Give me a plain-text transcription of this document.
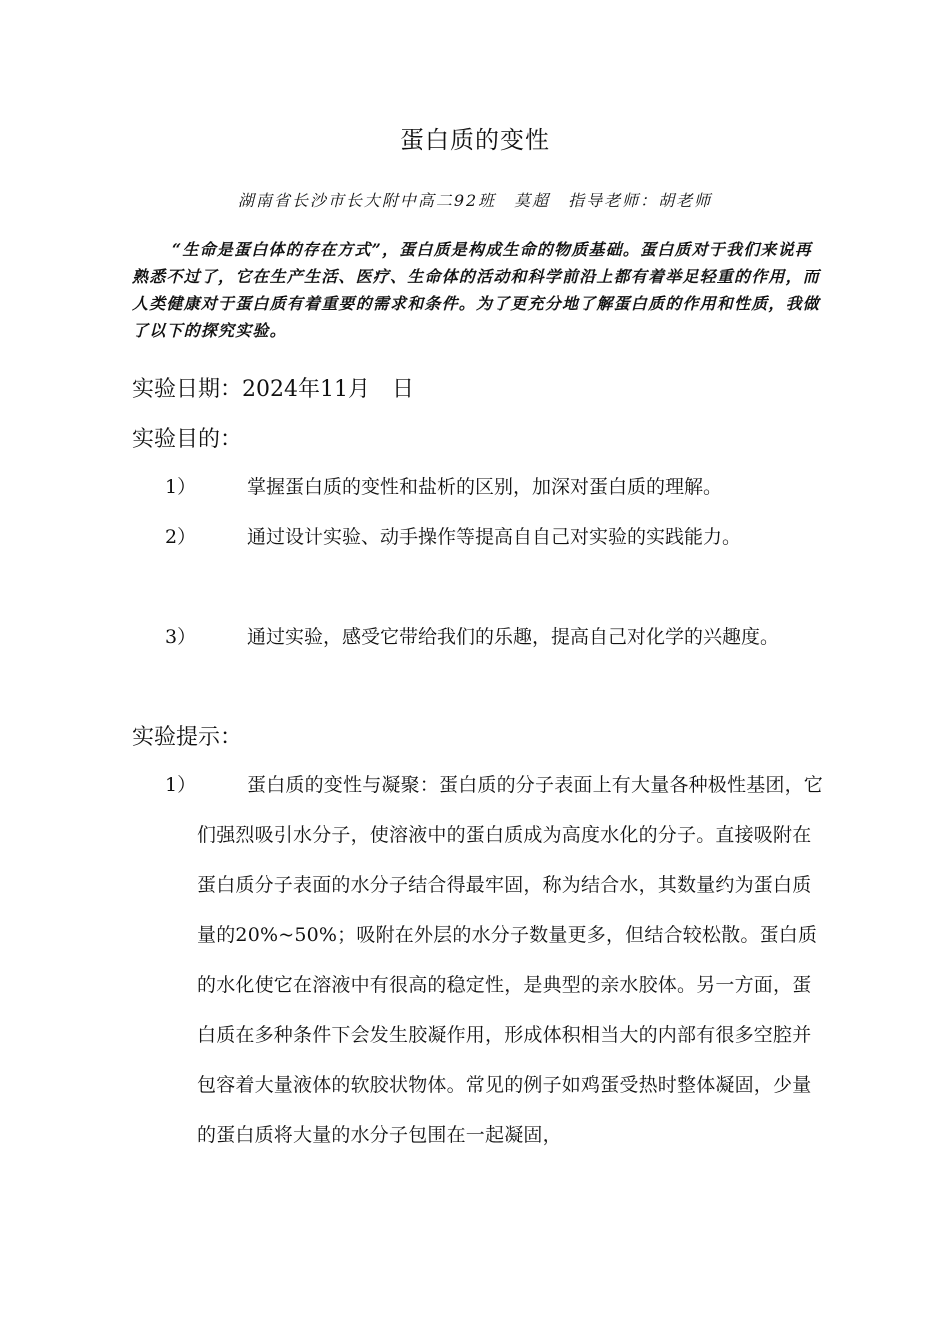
蛋白质的变性
湖南省长沙市长大附中高二92班　莫超　指导老师：胡老师
“生命是蛋白体的存在方式”，蛋白质是构成生命的物质基础。蛋白质对于我们来说再熟悉不过了，它在生产生活、医疗、生命体的活动和科学前沿上都有着举足轻重的作用，而人类健康对于蛋白质有着重要的需求和条件。为了更充分地了解蛋白质的作用和性质，我做了以下的探究实验。
实验日期：2024年11月　日
实验目的：
1）	掌握蛋白质的变性和盐析的区别，加深对蛋白质的理解。
2）	通过设计实验、动手操作等提高自自己对实验的实践能力。
3）	通过实验，感受它带给我们的乐趣，提高自己对化学的兴趣度。
实验提示：
1）	蛋白质的变性与凝聚：蛋白质的分子表面上有大量各种极性基团，它们强烈吸引水分子，使溶液中的蛋白质成为高度水化的分子。直接吸附在蛋白质分子表面的水分子结合得最牢固，称为结合水，其数量约为蛋白质量的20%~50%；吸附在外层的水分子数量更多，但结合较松散。蛋白质的水化使它在溶液中有很高的稳定性，是典型的亲水胶体。另一方面，蛋白质在多种条件下会发生胶凝作用，形成体积相当大的内部有很多空腔并包容着大量液体的软胶状物体。常见的例子如鸡蛋受热时整体凝固，少量的蛋白质将大量的水分子包围在一起凝固，
